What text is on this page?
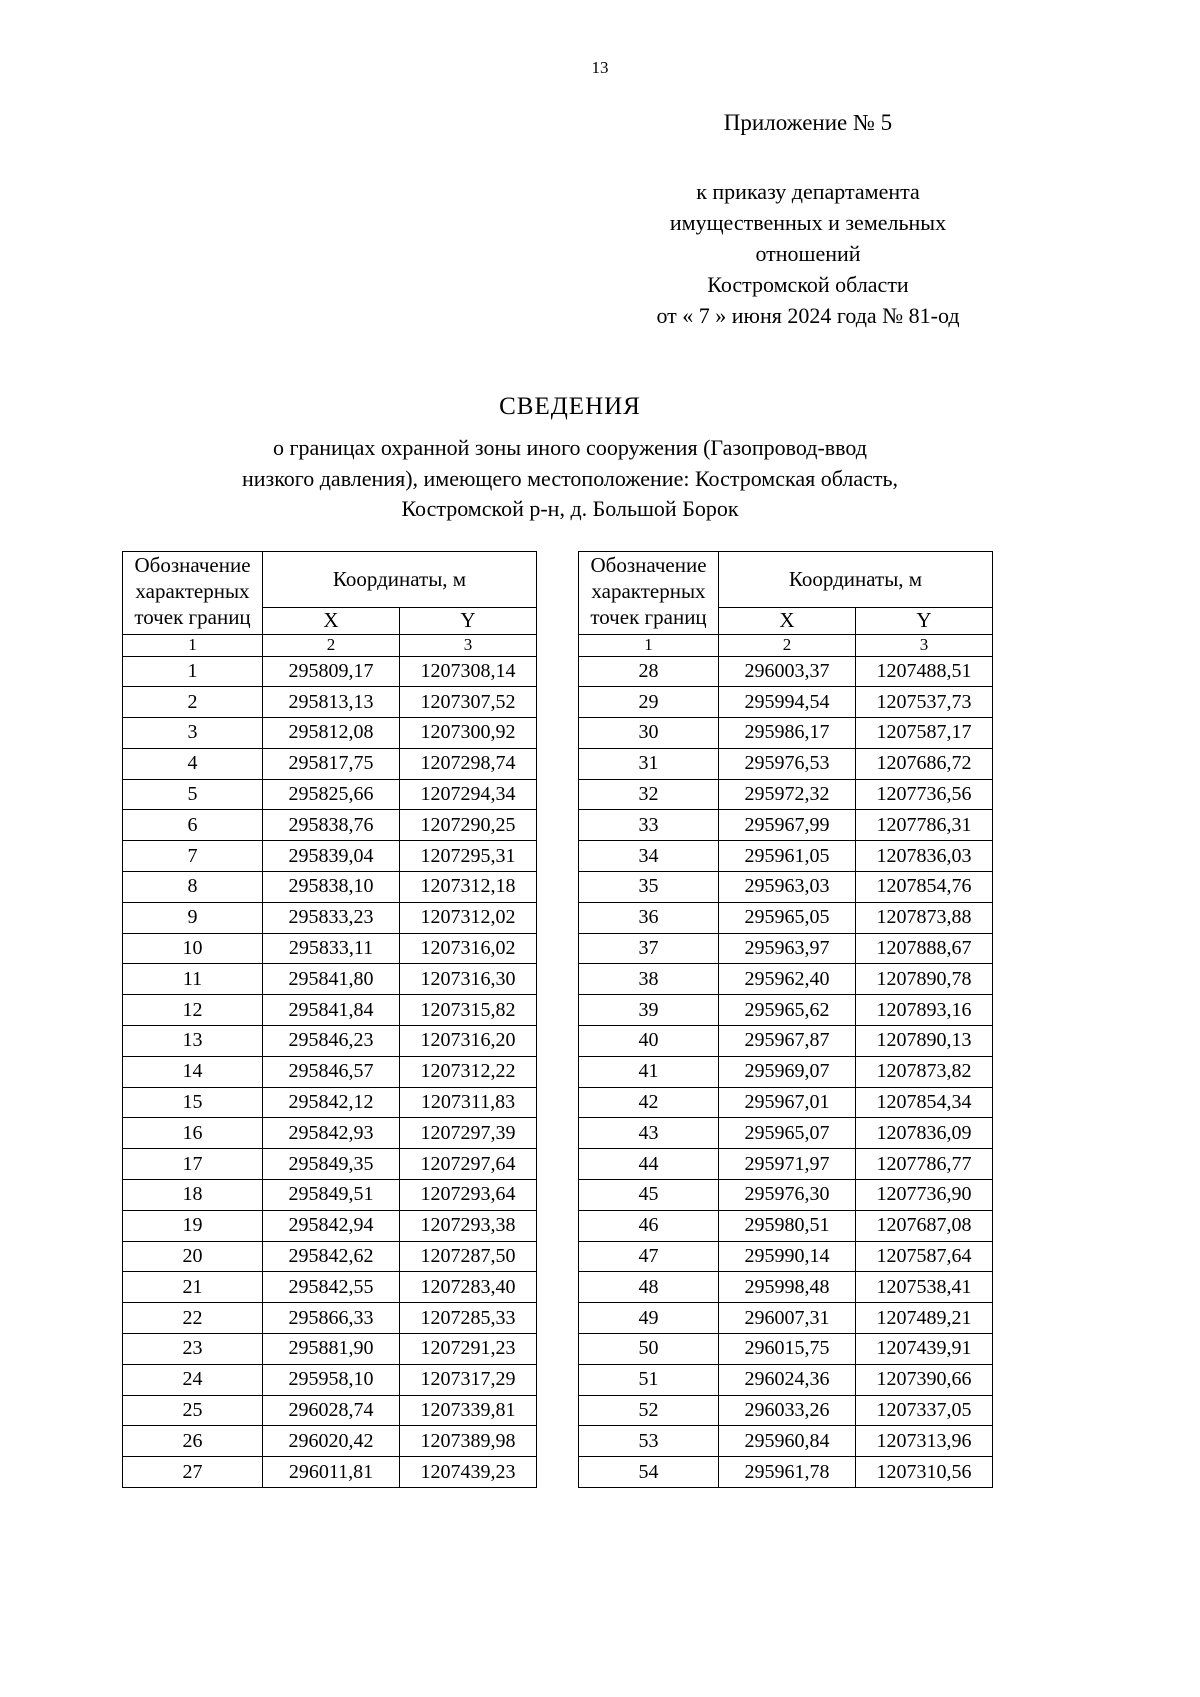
13
Приложение № 5
к приказу департамента
имущественных и земельных
отношений
Костромской области
от « 7 » июня 2024 года № 81-од
СВЕДЕНИЯ
о границах охранной зоны иного сооружения (Газопровод-ввод
низкого давления), имеющего местоположение: Костромская область,
Костромской р-н, д. Большой Борок
Обозначение характерных точек границ	Координаты, м	
	X	Y
1	2	3
1	295809,17	1207308,14
2	295813,13	1207307,52
3	295812,08	1207300,92
4	295817,75	1207298,74
5	295825,66	1207294,34
6	295838,76	1207290,25
7	295839,04	1207295,31
8	295838,10	1207312,18
9	295833,23	1207312,02
10	295833,11	1207316,02
11	295841,80	1207316,30
12	295841,84	1207315,82
13	295846,23	1207316,20
14	295846,57	1207312,22
15	295842,12	1207311,83
16	295842,93	1207297,39
17	295849,35	1207297,64
18	295849,51	1207293,64
19	295842,94	1207293,38
20	295842,62	1207287,50
21	295842,55	1207283,40
22	295866,33	1207285,33
23	295881,90	1207291,23
24	295958,10	1207317,29
25	296028,74	1207339,81
26	296020,42	1207389,98
27	296011,81	1207439,23
Обозначение характерных точек границ	Координаты, м	
	X	Y
1	2	3
28	296003,37	1207488,51
29	295994,54	1207537,73
30	295986,17	1207587,17
31	295976,53	1207686,72
32	295972,32	1207736,56
33	295967,99	1207786,31
34	295961,05	1207836,03
35	295963,03	1207854,76
36	295965,05	1207873,88
37	295963,97	1207888,67
38	295962,40	1207890,78
39	295965,62	1207893,16
40	295967,87	1207890,13
41	295969,07	1207873,82
42	295967,01	1207854,34
43	295965,07	1207836,09
44	295971,97	1207786,77
45	295976,30	1207736,90
46	295980,51	1207687,08
47	295990,14	1207587,64
48	295998,48	1207538,41
49	296007,31	1207489,21
50	296015,75	1207439,91
51	296024,36	1207390,66
52	296033,26	1207337,05
53	295960,84	1207313,96
54	295961,78	1207310,56
